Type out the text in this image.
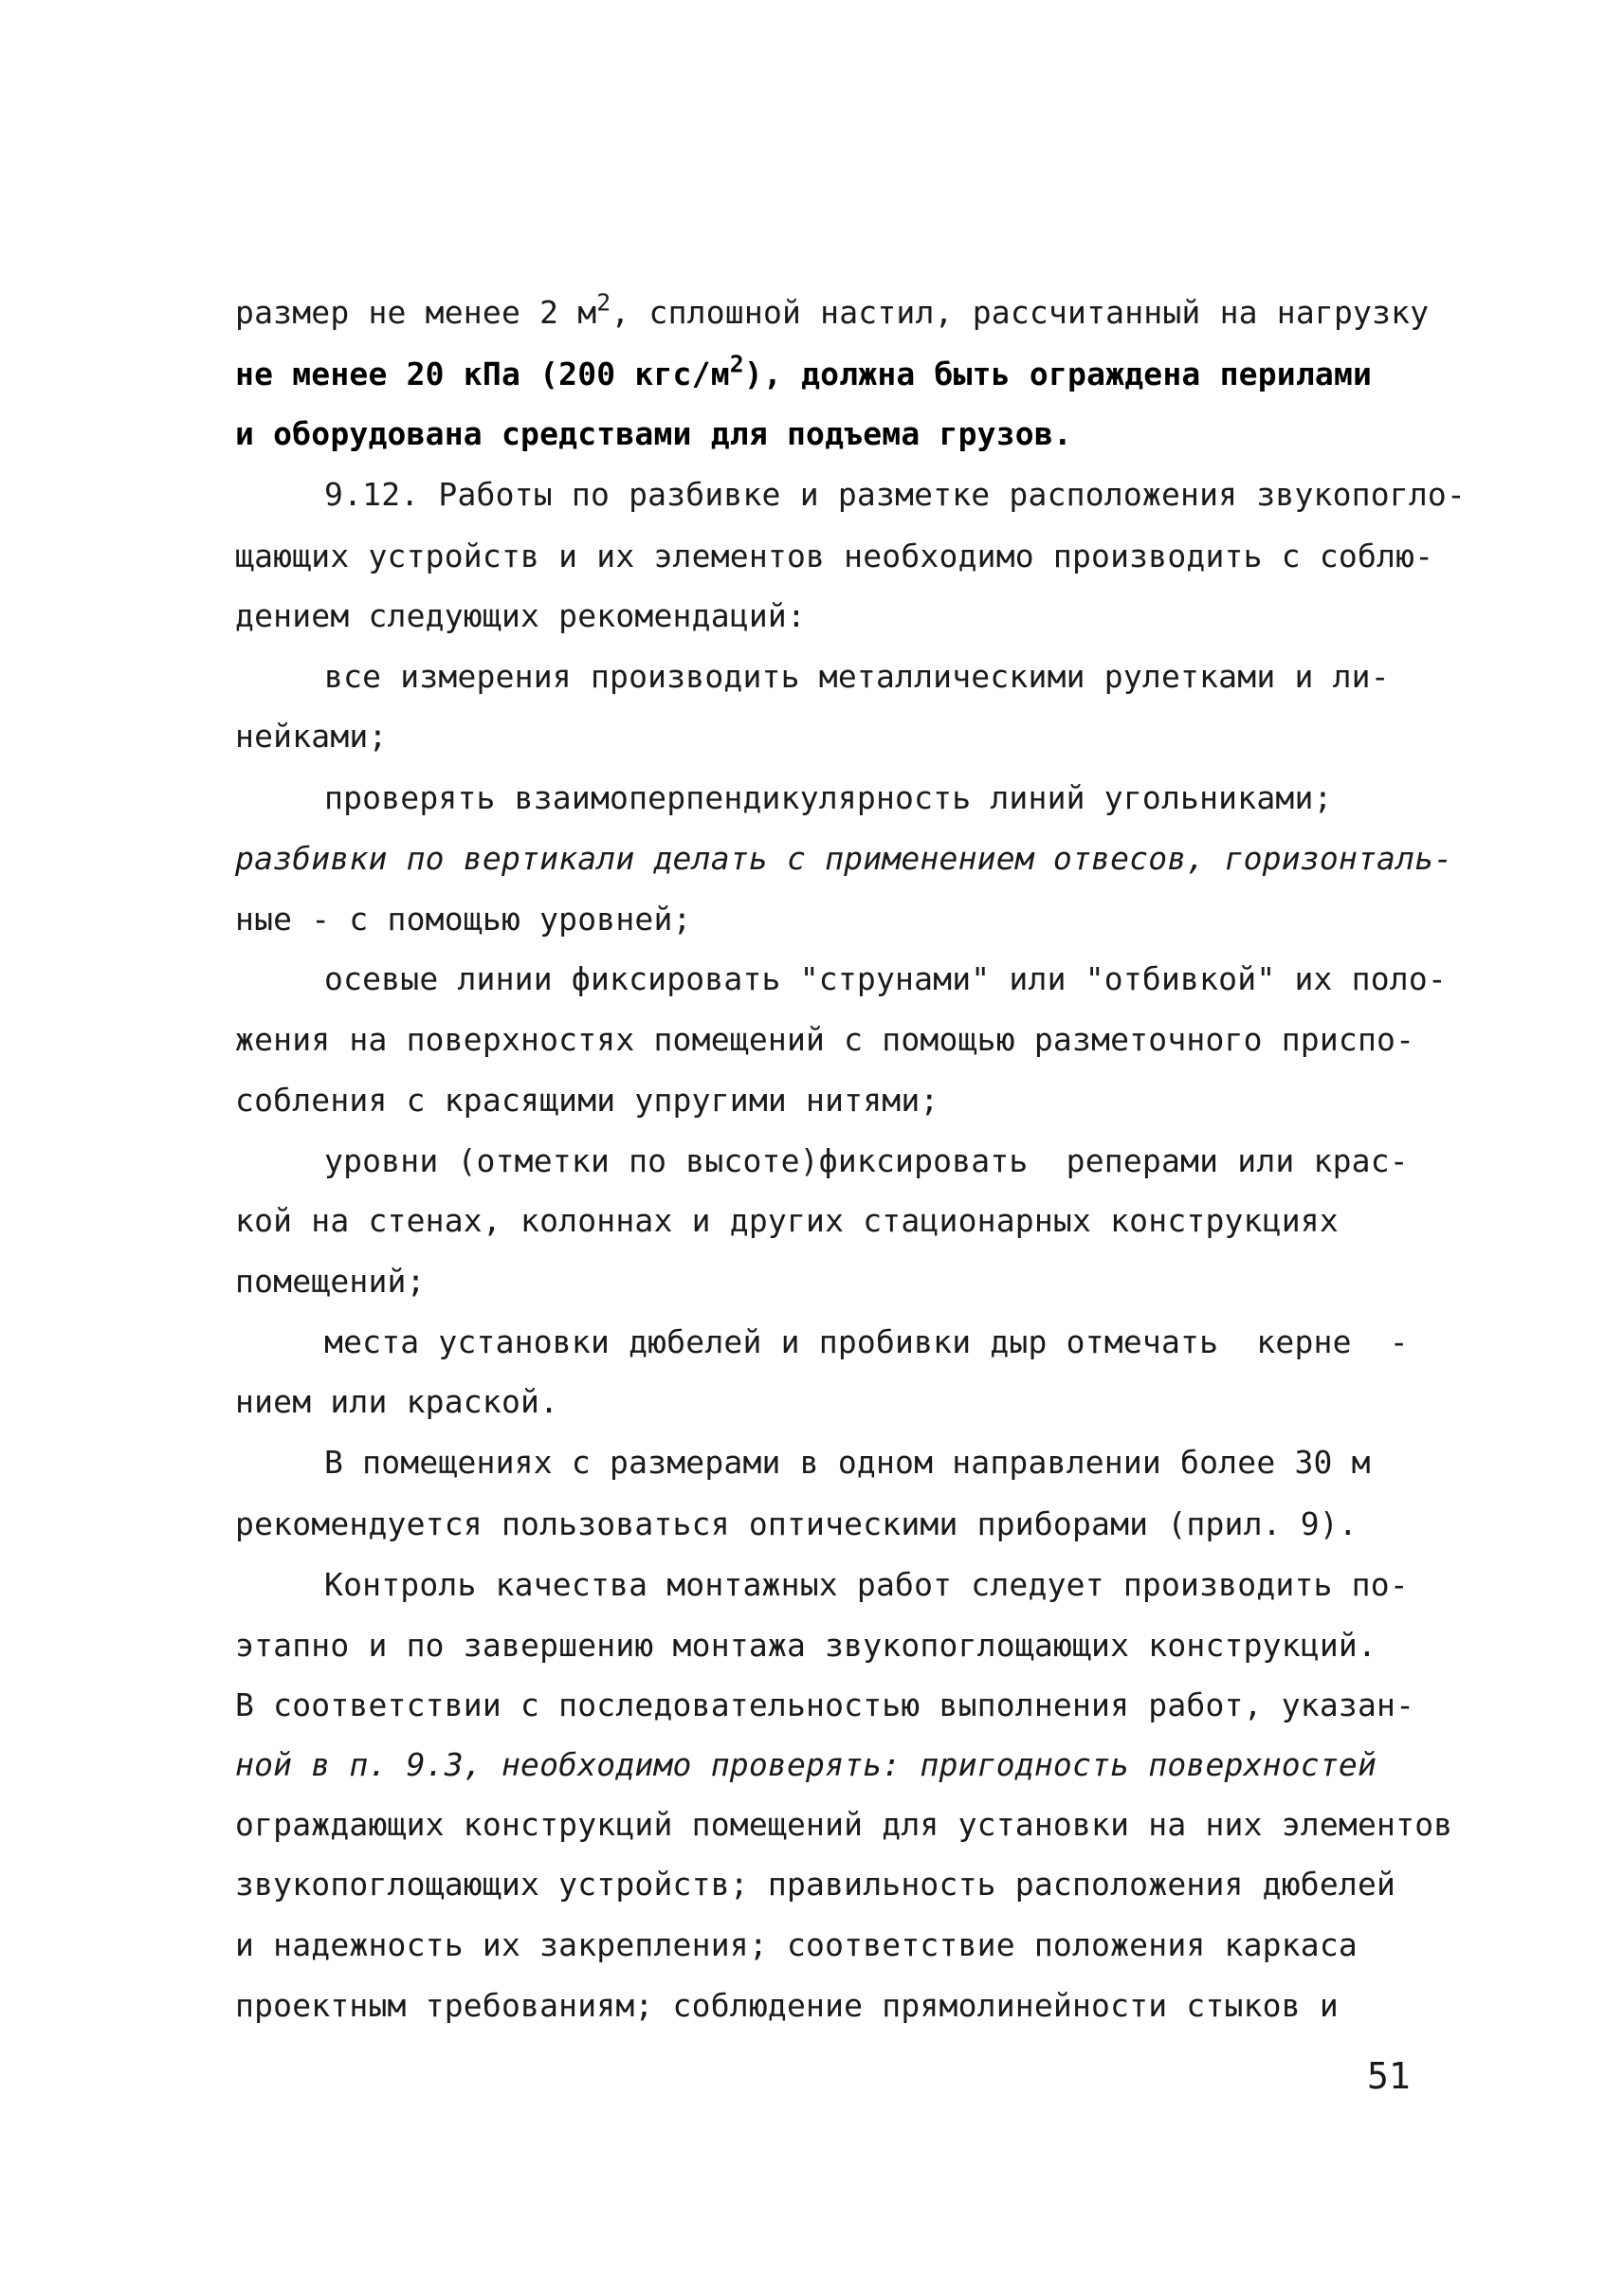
размер не менее 2 $м^2$, сплошной настил, рассчитанный на нагрузку
не менее 20 кПа (200 кгс/$м^2$), должна быть ограждена перилами
и оборудована средствами для подъема грузов.
9.12. Работы по разбивке и разметке расположения звукопогло-
щающих устройств и их элементов необходимо производить с соблю-
дением следующих рекомендаций:
все измерения производить металлическими рулетками и ли-
нейками;
проверять взаимоперпендикулярность линий угольниками;
разбивки по вертикали делать с применением отвесов, горизонталь-
ные - с помощью уровней;
осевые линии фиксировать "струнами" или "отбивкой" их поло-
жения на поверхностях помещений с помощью разметочного приспо-
собления с красящими упругими нитями;
уровни (отметки по высоте)фиксировать  реперами или крас-
кой на стенах, колоннах и других стационарных конструкциях
помещений;
места установки дюбелей и пробивки дыр отмечать  керне  -
нием или краской.
В помещениях с размерами в одном направлении более 30 м
рекомендуется пользоваться оптическими приборами (прил. 9).
Контроль качества монтажных работ следует производить по-
этапно и по завершению монтажа звукопоглощающих конструкций.
В соответствии с последовательностью выполнения работ, указан-
ной в п. 9.3, необходимо проверять: пригодность поверхностей
ограждающих конструкций помещений для установки на них элементов
звукопоглощающих устройств; правильность расположения дюбелей
и надежность их закрепления; соответствие положения каркаса
проектным требованиям; соблюдение прямолинейности стыков и
51
